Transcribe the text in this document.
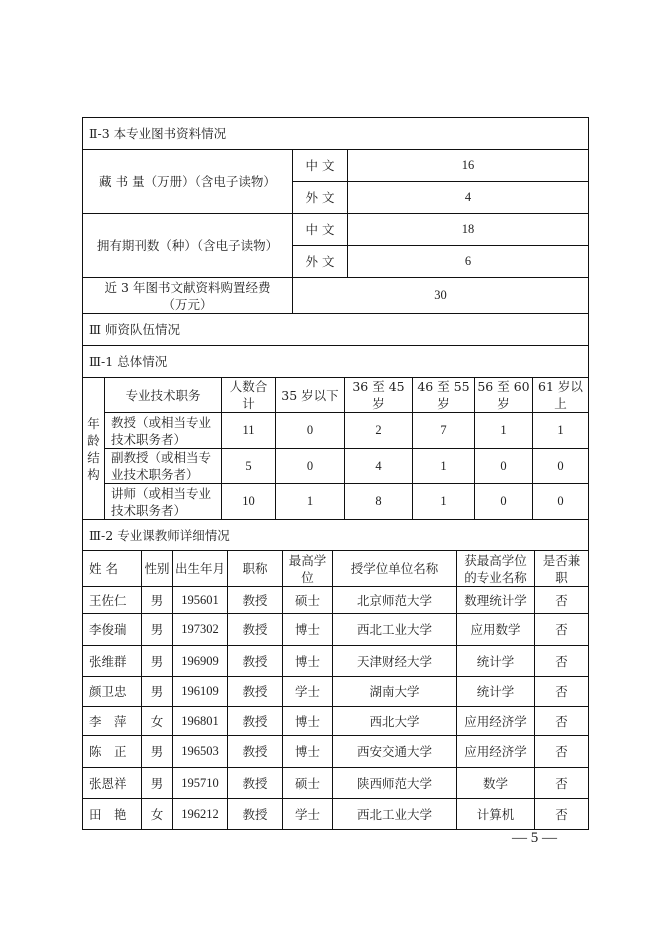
Ⅱ-3 本专业图书资料情况
藏 书 量（万册）（含电子读物）	中 文	16
	外 文	4
拥有期刊数（种）（含电子读物）	中 文	18
	外 文	6

近 3 年图书文献资料购置经费
（万元）	30	
Ⅲ 师资队伍情况
Ⅲ-1 总体情况
年
龄
结
构	专业技术职务	人数合计	35 岁以下	36 至 45 岁	46 至 55 岁	56 至 60 岁	61 岁以上
	教授（或相当专业技术职务者）	11	0	2	7	1	1
	副教授（或相当专业技术职务者）	5	0	4	1	0	0
	讲师（或相当专业技术职务者）	10	1	8	1	0	0
Ⅲ-2 专业课教师详细情况
姓 名	性别	出生年月	职称	最高学位	授学位单位名称	获最高学位的专业名称	是否兼职
王佐仁	男	195601	教授	硕士	北京师范大学	数理统计学	否
李俊瑞	男	197302	教授	博士	西北工业大学	应用数学	否
张维群	男	196909	教授	博士	天津财经大学	统计学	否
颜卫忠	男	196109	教授	学士	湖南大学	统计学	否
李　萍	女	196801	教授	博士	西北大学	应用经济学	否
陈　正	男	196503	教授	博士	西安交通大学	应用经济学	否
张恩祥	男	195710	教授	硕士	陕西师范大学	数学	否
田　艳	女	196212	教授	学士	西北工业大学	计算机	否
— 5 —
